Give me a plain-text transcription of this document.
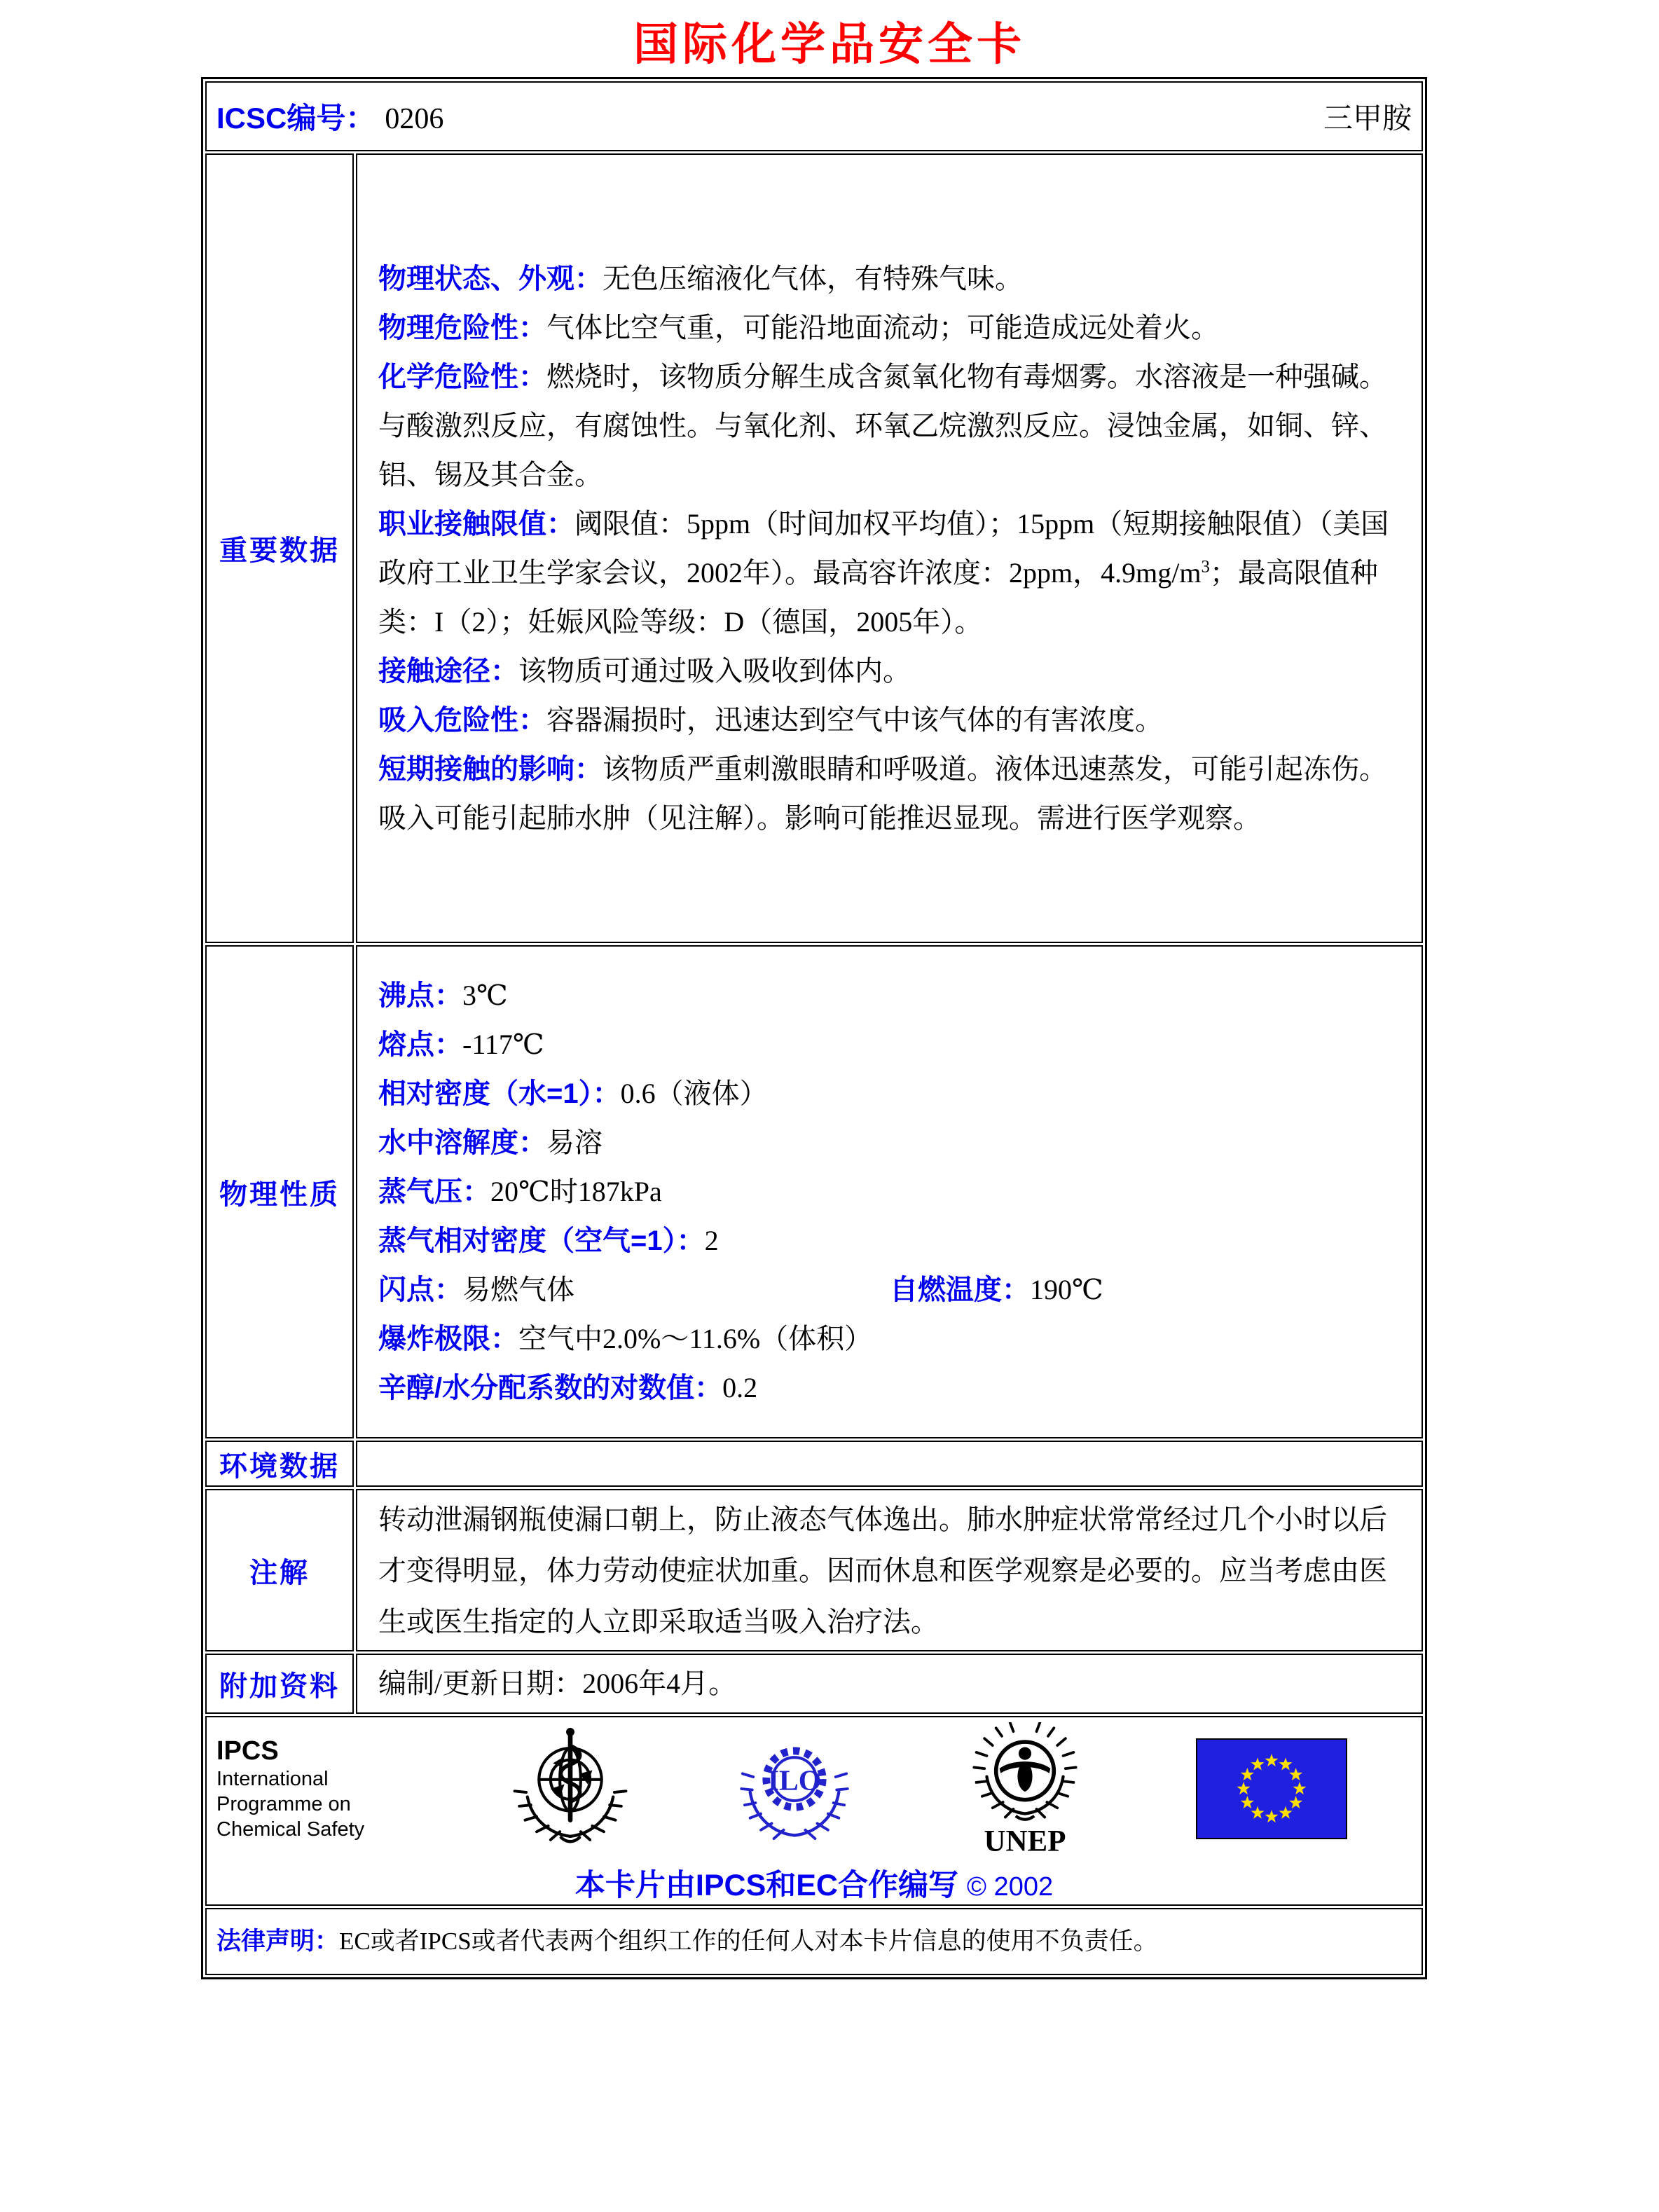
国际化学品安全卡
ICSC编号： 0206 三甲胺	

重要数据	
物理状态、外观：无色压缩液化气体，有特殊气味。
物理危险性：气体比空气重，可能沿地面流动；可能造成远处着火。
化学危险性：燃烧时，该物质分解生成含氮氧化物有毒烟雾。水溶液是一种强碱。与酸激烈反应，有腐蚀性。与氧化剂、环氧乙烷激烈反应。浸蚀金属，如铜、锌、铝、锡及其合金。
职业接触限值：阈限值：5ppm（时间加权平均值）；15ppm（短期接触限值）（美国政府工业卫生学家会议，2002年）。最高容许浓度：2ppm，$4.9mg/m^3$；最高限值种类：I（2）；妊娠风险等级：D（德国，2005年）。
接触途径：该物质可通过吸入吸收到体内。
吸入危险性：容器漏损时，迅速达到空气中该气体的有害浓度。
短期接触的影响：该物质严重刺激眼睛和呼吸道。液体迅速蒸发，可能引起冻伤。吸入可能引起肺水肿（见注解）。影响可能推迟显现。需进行医学观察。

物理性质	
沸点：3℃
熔点：-117℃
相对密度（水=1）：0.6（液体）
水中溶解度：易溶
蒸气压：20℃时187kPa
蒸气相对密度（空气=1）：2
闪点：易燃气体	自燃温度：190℃
爆炸极限：空气中2.0%～11.6%（体积）
辛醇/水分配系数的对数值：0.2

环境数据	

注解	转动泄漏钢瓶使漏口朝上，防止液态气体逸出。肺水肿症状常常经过几个小时以后才变得明显，体力劳动使症状加重。因而休息和医学观察是必要的。应当考虑由医生或医生指定的人立即采取适当吸入治疗法。

附加资料	编制/更新日期：2006年4月。

IPCS
International
Programme on
Chemical Safety
ILO
UNEP
本卡片由IPCS和EC合作编写 © 2002

法律声明：EC或者IPCS或者代表两个组织工作的任何人对本卡片信息的使用不负责任。	
